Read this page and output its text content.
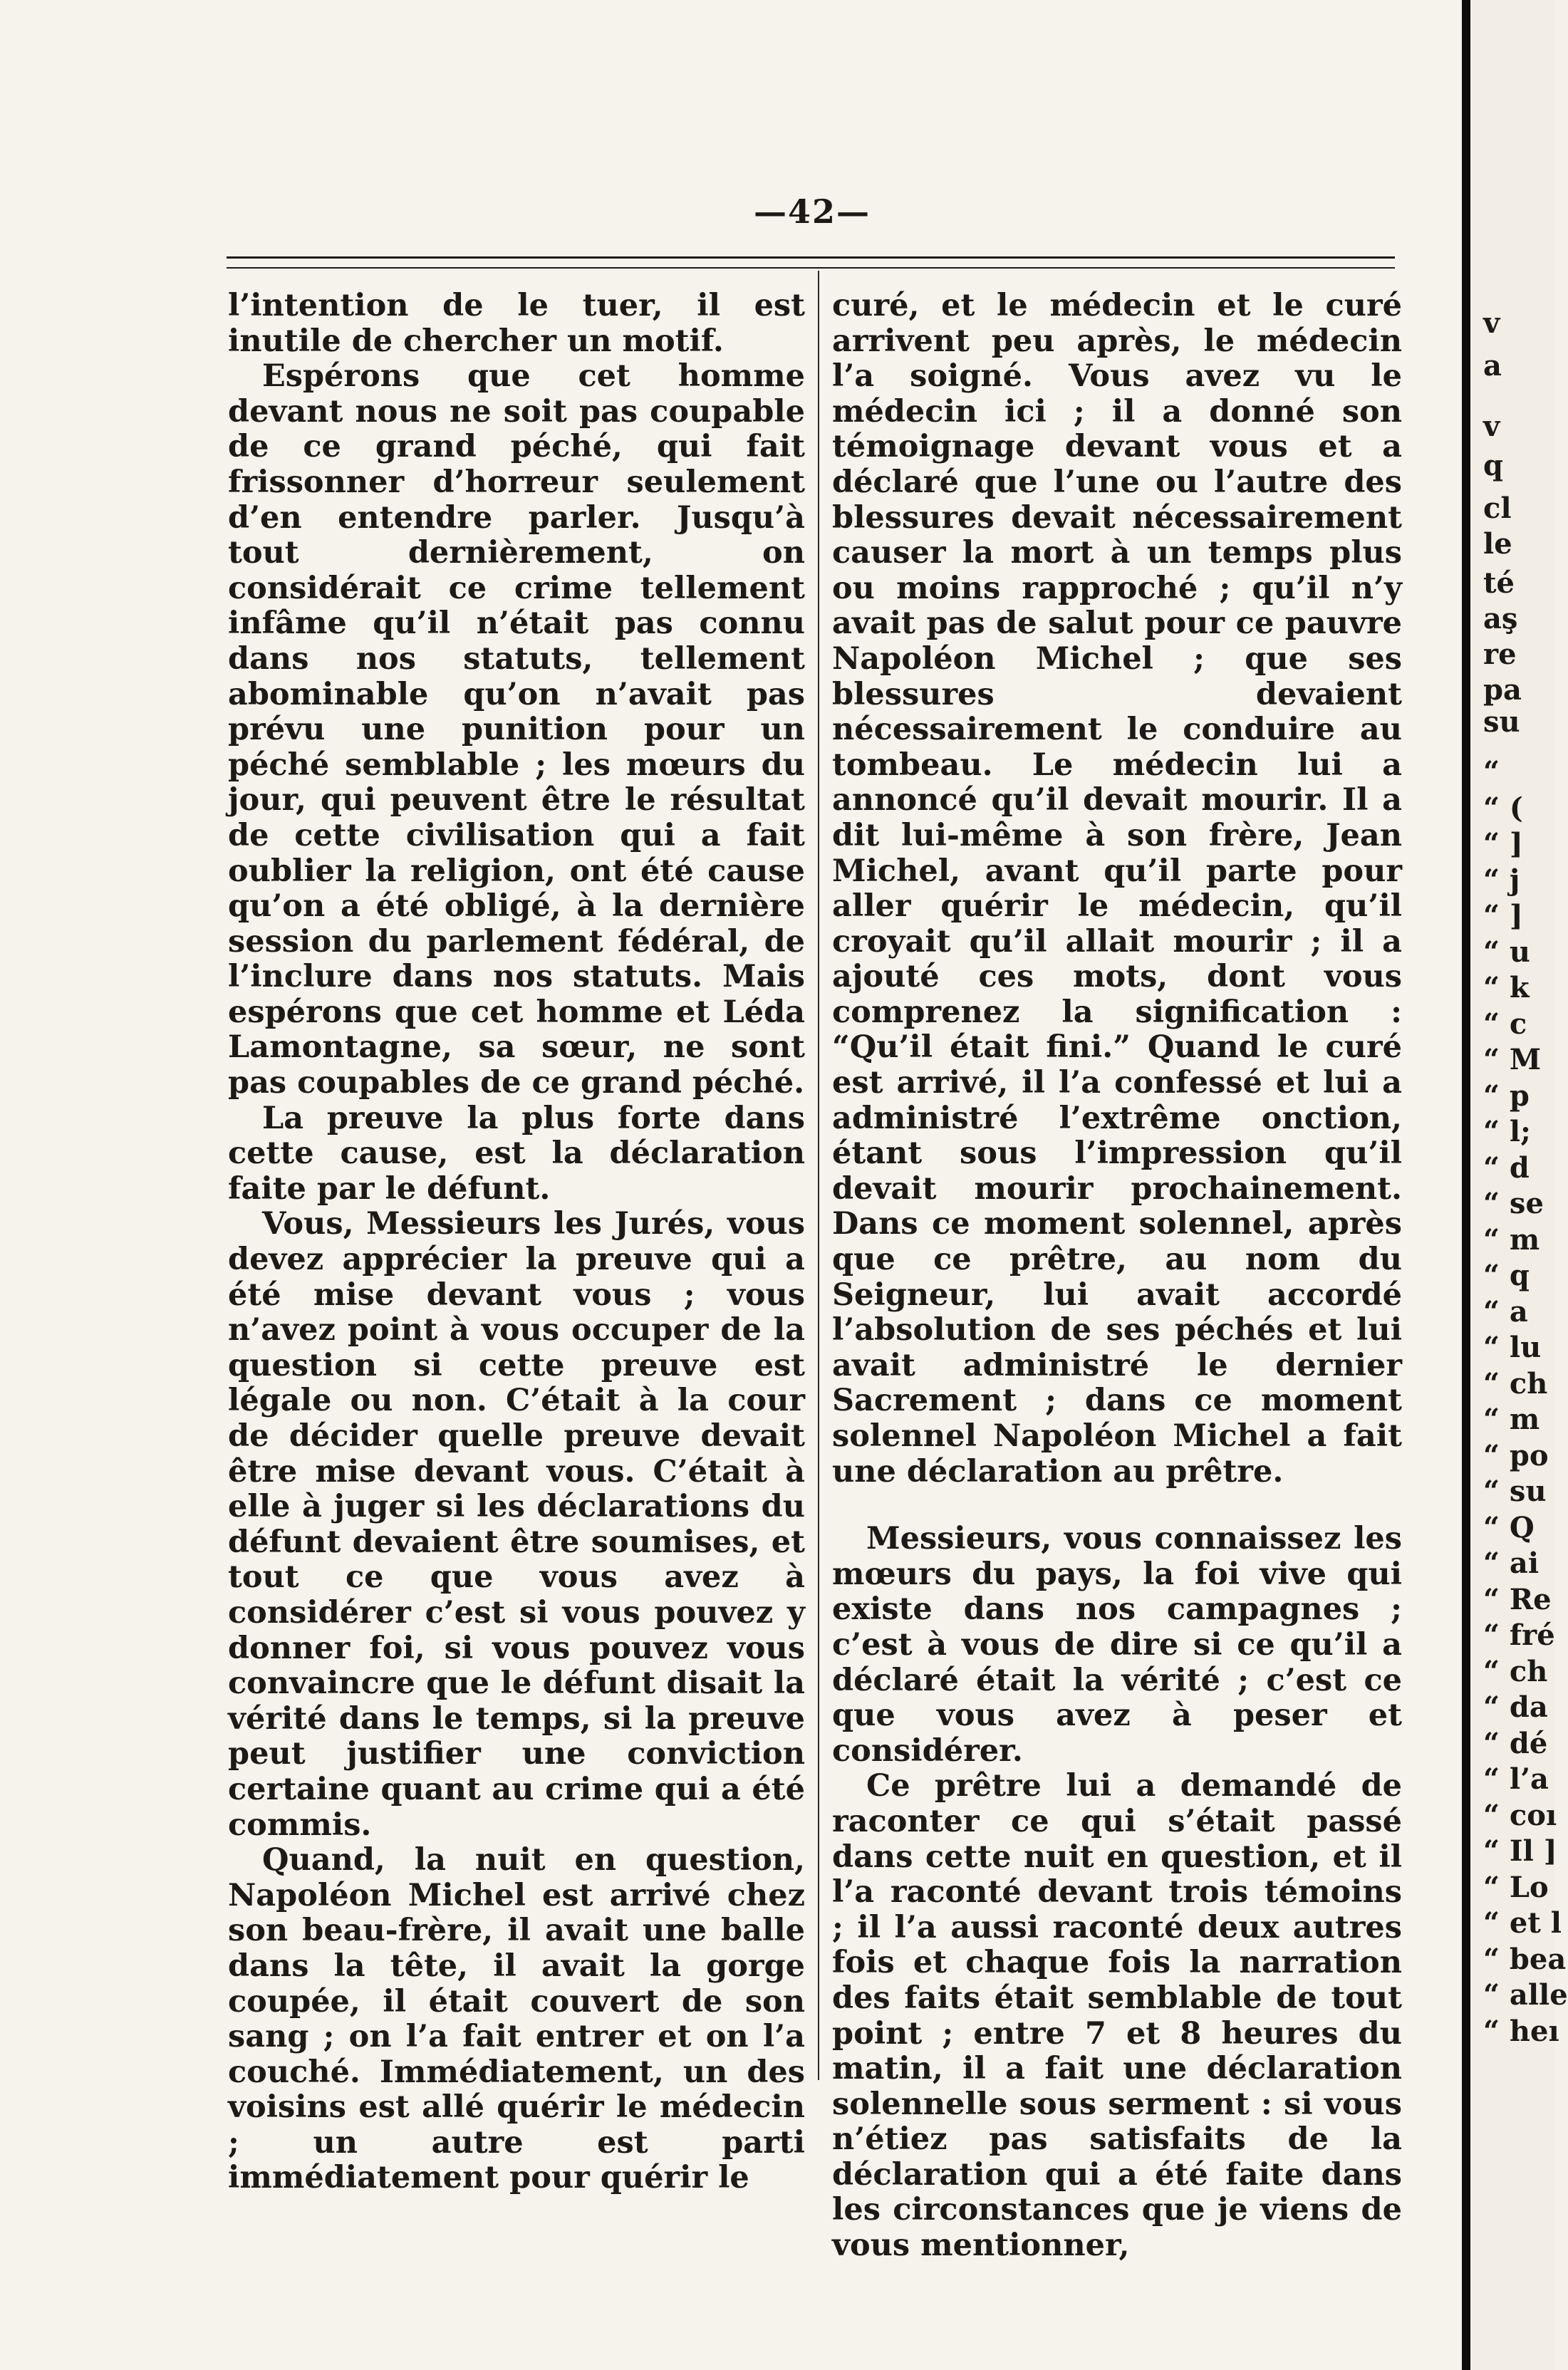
—42—

l’intention de le tuer, il est inutile de chercher un motif.

Espérons que cet homme devant nous ne soit pas coupable de ce grand péché, qui fait frissonner d’horreur seulement d’en entendre parler. Jusqu’à tout dernièrement, on considérait ce crime tellement infâme qu’il n’était pas connu dans nos statuts, tellement abominable qu’on n’avait pas prévu une punition pour un péché semblable ; les mœurs du jour, qui peuvent être le résultat de cette civilisation qui a fait oublier la religion, ont été cause qu’on a été obligé, à la dernière session du parlement fédéral, de l’inclure dans nos statuts. Mais espérons que cet homme et Léda Lamontagne, sa sœur, ne sont pas coupables de ce grand péché.

La preuve la plus forte dans cette cause, est la déclaration faite par le défunt.

Vous, Messieurs les Jurés, vous devez apprécier la preuve qui a été mise devant vous ; vous n’avez point à vous occuper de la question si cette preuve est légale ou non. C’était à la cour de décider quelle preuve devait être mise devant vous. C’était à elle à juger si les déclarations du défunt devaient être soumises, et tout ce que vous avez à considérer c’est si vous pouvez y donner foi, si vous pouvez vous convaincre que le défunt disait la vérité dans le temps, si la preuve peut justifier une conviction certaine quant au crime qui a été commis.

Quand, la nuit en question, Napoléon Michel est arrivé chez son beau-frère, il avait une balle dans la tête, il avait la gorge coupée, il était couvert de son sang ; on l’a fait entrer et on l’a couché. Immédiatement, un des voisins est allé quérir le médecin ; un autre est parti immédiatement pour quérir le

curé, et le médecin et le curé arrivent peu après, le médecin l’a soigné. Vous avez vu le médecin ici ; il a donné son témoignage devant vous et a déclaré que l’une ou l’autre des blessures devait nécessairement causer la mort à un temps plus ou moins rapproché ; qu’il n’y avait pas de salut pour ce pauvre Napoléon Michel ; que ses blessures devaient nécessairement le conduire au tombeau. Le médecin lui a annoncé qu’il devait mourir. Il a dit lui-même à son frère, Jean Michel, avant qu’il parte pour aller quérir le médecin, qu’il croyait qu’il allait mourir ; il a ajouté ces mots, dont vous comprenez la signification : “Qu’il était fini.” Quand le curé est arrivé, il l’a confessé et lui a administré l’extrême onction, étant sous l’impression qu’il devait mourir prochainement. Dans ce moment solennel, après que ce prêtre, au nom du Seigneur, lui avait accordé l’absolution de ses péchés et lui avait administré le dernier Sacrement ; dans ce moment solennel Napoléon Michel a fait une déclaration au prêtre.

Messieurs, vous connaissez les mœurs du pays, la foi vive qui existe dans nos campagnes ; c’est à vous de dire si ce qu’il a déclaré était la vérité ; c’est ce que vous avez à peser et considérer.

Ce prêtre lui a demandé de raconter ce qui s’était passé dans cette nuit en question, et il l’a raconté devant trois témoins ; il l’a aussi raconté deux autres fois et chaque fois la narration des faits était semblable de tout point ; entre 7 et 8 heures du matin, il a fait une déclaration solennelle sous serment : si vous n’étiez pas satisfaits de la déclaration qui a été faite dans les circonstances que je viens de vous mentionner,

v
a
v
q
cl
le
té
aş
re
pa
su
“
“ (
“ ]
“ j
“ ]
“ u
“ k
“ c
“ M
“ p
“ l;
“ d
“ se
“ m
“ q
“ a
“ lu
“ ch
“ m
“ po
“ su
“ Q
“ ai
“ Re
“ fré
“ ch
“ da
“ dé
“ l’a
“ coı
“ Il ]
“ Lo
“ et l
“ bea
“ alle
“ heı
